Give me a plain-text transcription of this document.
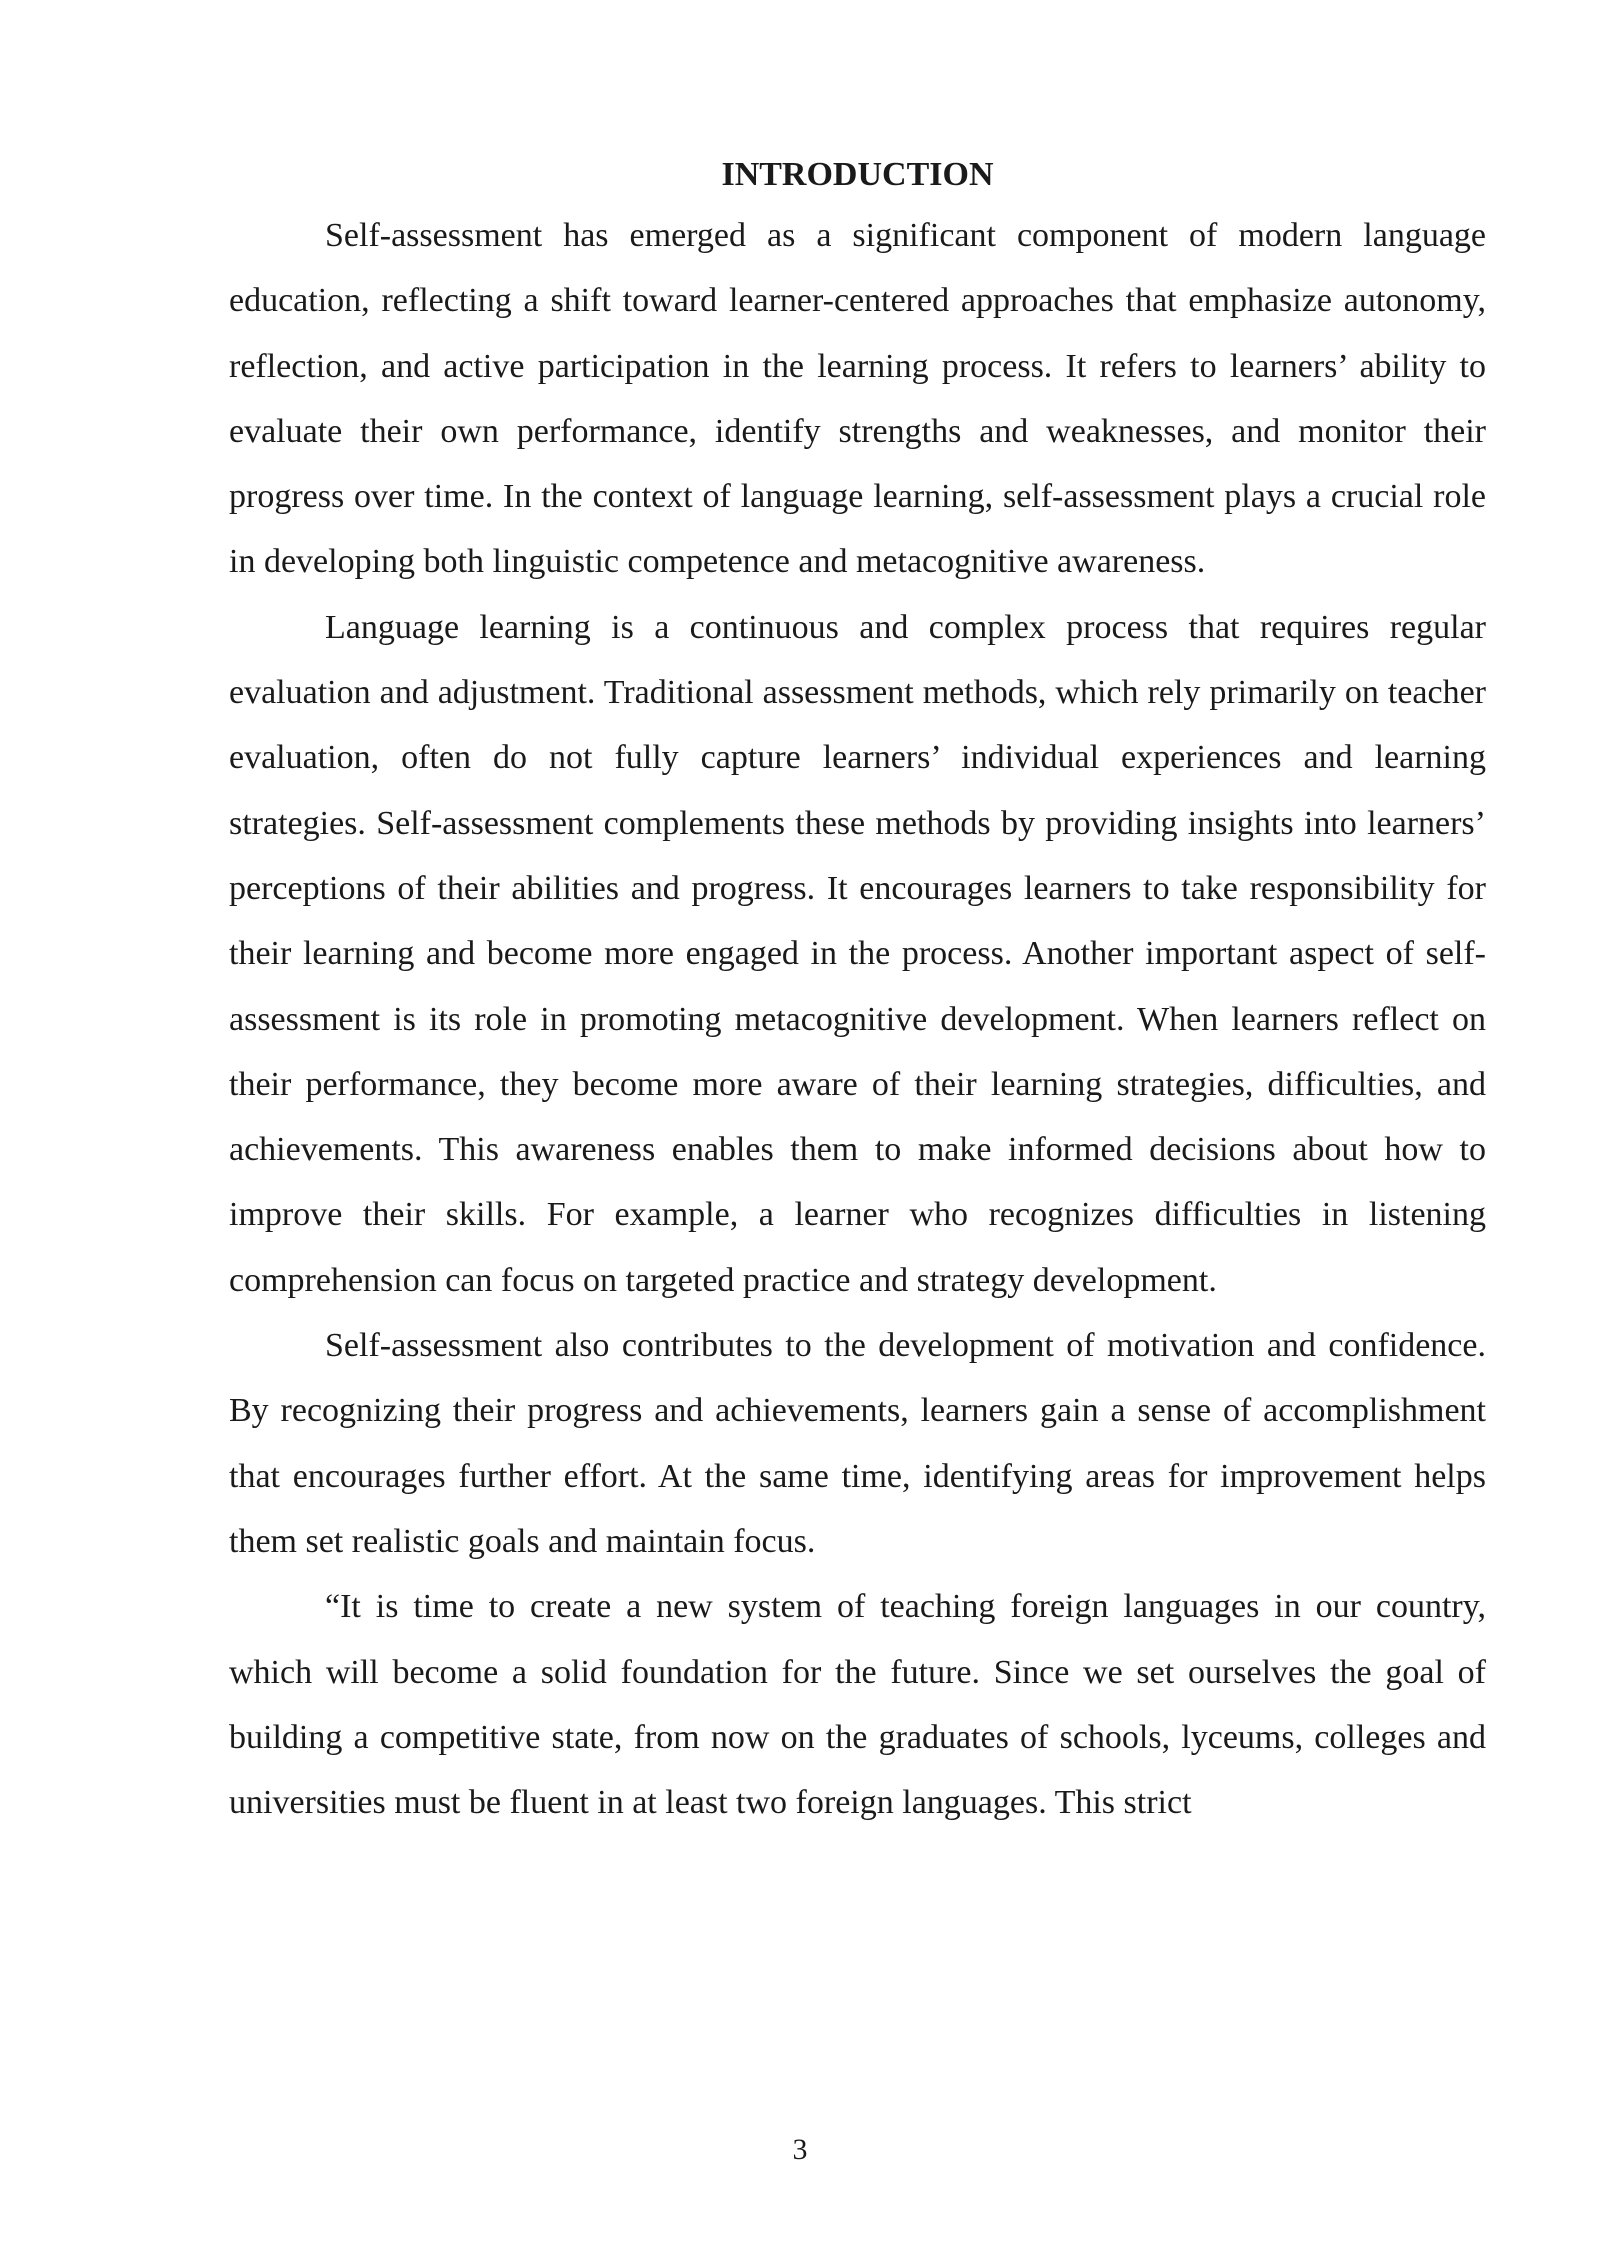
INTRODUCTION

Self-assessment has emerged as a significant component of modern language education, reflecting a shift toward learner-centered approaches that emphasize autonomy, reflection, and active participation in the learning process. It refers to learners’ ability to evaluate their own performance, identify strengths and weaknesses, and monitor their progress over time. In the context of language learning, self-assessment plays a crucial role in developing both linguistic competence and metacognitive awareness.

Language learning is a continuous and complex process that requires regular evaluation and adjustment. Traditional assessment methods, which rely primarily on teacher evaluation, often do not fully capture learners’ individual experiences and learning strategies. Self-assessment complements these methods by providing insights into learners’ perceptions of their abilities and progress. It encourages learners to take responsibility for their learning and become more engaged in the process. Another important aspect of self-assessment is its role in promoting metacognitive development. When learners reflect on their performance, they become more aware of their learning strategies, difficulties, and achievements. This awareness enables them to make informed decisions about how to improve their skills. For example, a learner who recognizes difficulties in listening comprehension can focus on targeted practice and strategy development.

Self-assessment also contributes to the development of motivation and confidence. By recognizing their progress and achievements, learners gain a sense of accomplishment that encourages further effort. At the same time, identifying areas for improvement helps them set realistic goals and maintain focus.

“It is time to create a new system of teaching foreign languages in our country, which will become a solid foundation for the future. Since we set ourselves the goal of building a competitive state, from now on the graduates of schools, lyceums, colleges and universities must be fluent in at least two foreign languages. This strict

3
